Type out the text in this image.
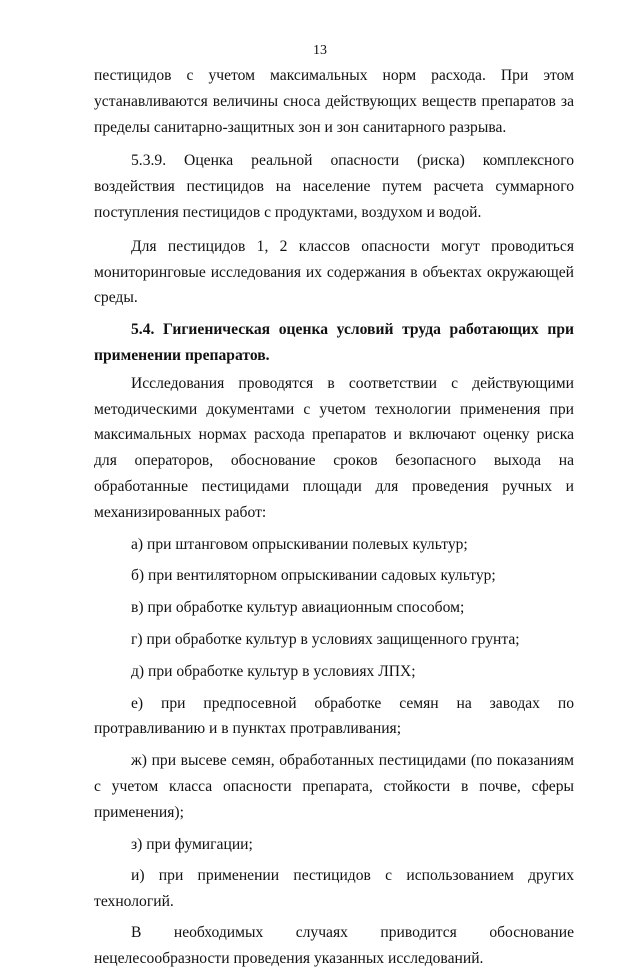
13

пестицидов с учетом максимальных норм расхода. При этом устанавливаются величины сноса действующих веществ препаратов за пределы санитарно-защитных зон и зон санитарного разрыва.

5.3.9. Оценка реальной опасности (риска) комплексного воздействия пестицидов на население путем расчета суммарного поступления пестицидов с продуктами, воздухом и водой.

Для пестицидов 1, 2 классов опасности могут проводиться мониторинговые исследования их содержания в объектах окружающей среды.

5.4. Гигиеническая оценка условий труда работающих при применении препаратов.

Исследования проводятся в соответствии с действующими методическими документами с учетом технологии применения при максимальных нормах расхода препаратов и включают оценку риска для операторов, обоснование сроков безопасного выхода на обработанные пестицидами площади для проведения ручных и механизированных работ:

а) при штанговом опрыскивании полевых культур;

б) при вентиляторном опрыскивании садовых культур;

в) при обработке культур авиационным способом;

г) при обработке культур в условиях защищенного грунта;

д) при обработке культур в условиях ЛПХ;

е) при предпосевной обработке семян на заводах по протравливанию и в пунктах протравливания;

ж) при высеве семян, обработанных пестицидами (по показаниям с учетом класса опасности препарата, стойкости в почве, сферы применения);

з) при фумигации;

и) при применении пестицидов с использованием других технологий.

В необходимых случаях приводится обоснование нецелесообразности проведения указанных исследований.
